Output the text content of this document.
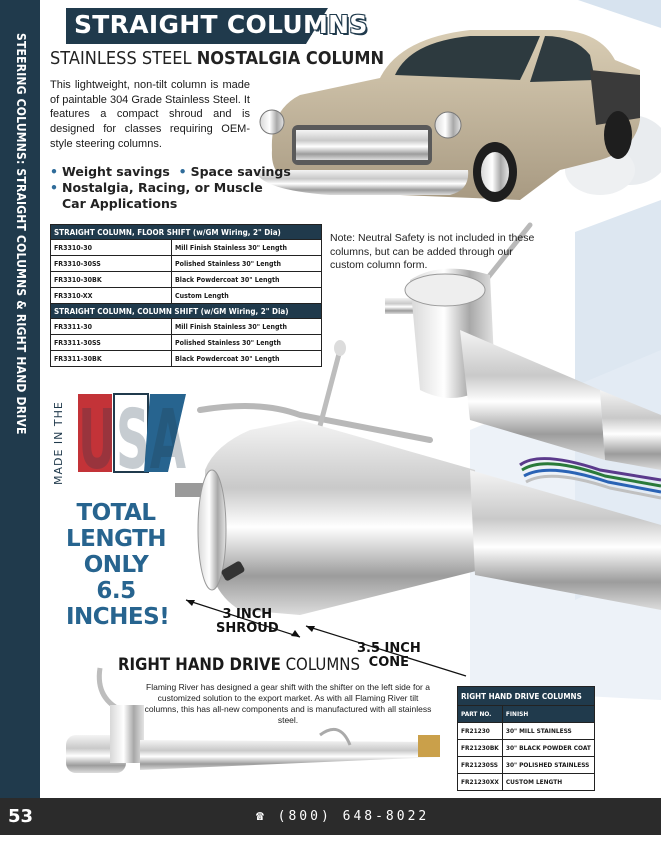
STEERING COLUMNS: STRAIGHT COLUMNS & RIGHT HAND DRIVE
STRAIGHT COLUMNS
STAINLESS STEEL NOSTALGIA COLUMN
This lightweight, non-tilt column is made of paintable 304 Grade Stainless Steel. It features a compact shroud and is designed for classes requiring OEM-style steering columns.
• Weight savings • Space savings
• Nostalgia, Racing, or Muscle
Car Applications
STRAIGHT COLUMN, FLOOR SHIFT (w/GM Wiring, 2" Dia)	
FR3310-30	Mill Finish Stainless 30" Length
FR3310-30SS	Polished Stainless 30" Length
FR3310-30BK	Black Powdercoat 30" Length
FR3310-XX	Custom Length
STRAIGHT COLUMN, COLUMN SHIFT (w/GM Wiring, 2" Dia)	
FR3311-30	Mill Finish Stainless 30" Length
FR3311-30SS	Polished Stainless 30" Length
FR3311-30BK	Black Powdercoat 30" Length
Note: Neutral Safety is not included in these columns, but can be added through our custom column form.
MADE IN THE USA
TOTAL
LENGTH
ONLY
6.5
INCHES!	3 INCH
SHROUD
3.5 INCH
CONE
RIGHT HAND DRIVE COLUMNS
Flaming River has designed a gear shift with the shifter on the left side for a customized solution to the export market. As with all Flaming River tilt columns, this has all-new components and is manufactured with all stainless steel.
RIGHT HAND DRIVE COLUMNS	
PART NO.	FINISH
FR21230	30" MILL STAINLESS
FR21230BK	30" BLACK POWDER COAT
FR21230SS	30" POLISHED STAINLESS
FR21230XX	CUSTOM LENGTH
53	☎ (800) 648-8022
